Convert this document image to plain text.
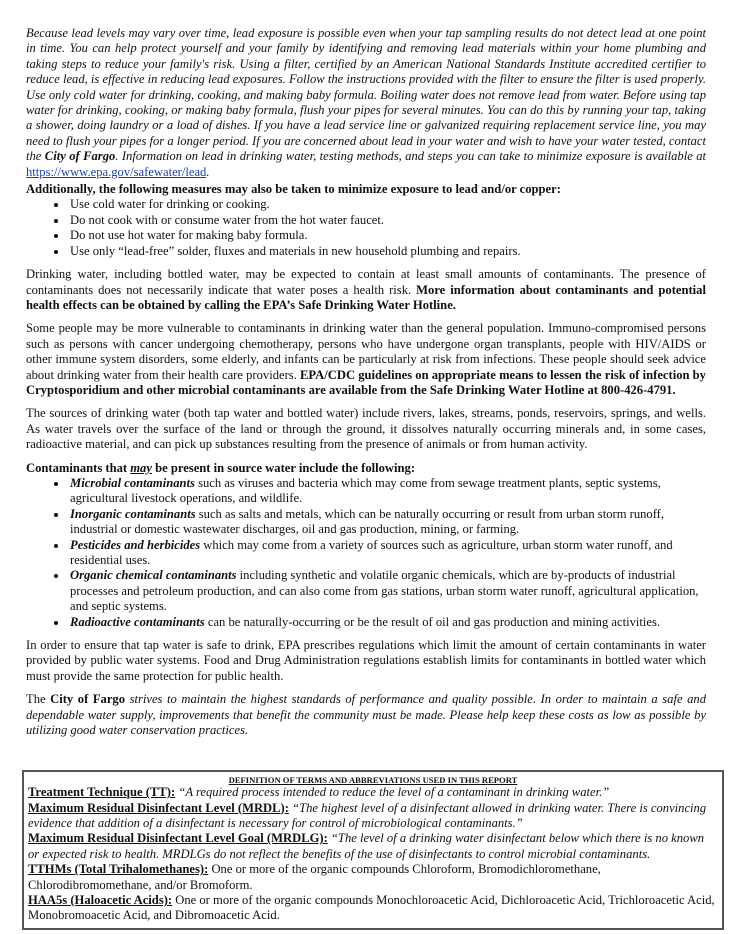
Because lead levels may vary over time, lead exposure is possible even when your tap sampling results do not detect lead at one point in time. You can help protect yourself and your family by identifying and removing lead materials within your home plumbing and taking steps to reduce your family's risk. Using a filter, certified by an American National Standards Institute accredited certifier to reduce lead, is effective in reducing lead exposures. Follow the instructions provided with the filter to ensure the filter is used properly. Use only cold water for drinking, cooking, and making baby formula. Boiling water does not remove lead from water. Before using tap water for drinking, cooking, or making baby formula, flush your pipes for several minutes. You can do this by running your tap, taking a shower, doing laundry or a load of dishes. If you have a lead service line or galvanized requiring replacement service line, you may need to flush your pipes for a longer period. If you are concerned about lead in your water and wish to have your water tested, contact the City of Fargo. Information on lead in drinking water, testing methods, and steps you can take to minimize exposure is available at https://www.epa.gov/safewater/lead.

Additionally, the following measures may also be taken to minimize exposure to lead and/or copper:

• Use cold water for drinking or cooking.
• Do not cook with or consume water from the hot water faucet.
• Do not use hot water for making baby formula.
• Use only “lead-free” solder, fluxes and materials in new household plumbing and repairs.

Drinking water, including bottled water, may be expected to contain at least small amounts of contaminants. The presence of contaminants does not necessarily indicate that water poses a health risk. More information about contaminants and potential health effects can be obtained by calling the EPA’s Safe Drinking Water Hotline.

Some people may be more vulnerable to contaminants in drinking water than the general population. Immuno-compromised persons such as persons with cancer undergoing chemotherapy, persons who have undergone organ transplants, people with HIV/AIDS or other immune system disorders, some elderly, and infants can be particularly at risk from infections. These people should seek advice about drinking water from their health care providers. EPA/CDC guidelines on appropriate means to lessen the risk of infection by Cryptosporidium and other microbial contaminants are available from the Safe Drinking Water Hotline at 800-426-4791.

The sources of drinking water (both tap water and bottled water) include rivers, lakes, streams, ponds, reservoirs, springs, and wells. As water travels over the surface of the land or through the ground, it dissolves naturally occurring minerals and, in some cases, radioactive material, and can pick up substances resulting from the presence of animals or from human activity.

Contaminants that may be present in source water include the following:

• Microbial contaminants such as viruses and bacteria which may come from sewage treatment plants, septic systems, agricultural livestock operations, and wildlife.
• Inorganic contaminants such as salts and metals, which can be naturally occurring or result from urban storm runoff, industrial or domestic wastewater discharges, oil and gas production, mining, or farming.
• Pesticides and herbicides which may come from a variety of sources such as agriculture, urban storm water runoff, and residential uses.
• Organic chemical contaminants including synthetic and volatile organic chemicals, which are by-products of industrial processes and petroleum production, and can also come from gas stations, urban storm water runoff, agricultural application, and septic systems.
• Radioactive contaminants can be naturally-occurring or be the result of oil and gas production and mining activities.

In order to ensure that tap water is safe to drink, EPA prescribes regulations which limit the amount of certain contaminants in water provided by public water systems. Food and Drug Administration regulations establish limits for contaminants in bottled water which must provide the same protection for public health.

The City of Fargo strives to maintain the highest standards of performance and quality possible. In order to maintain a safe and dependable water supply, improvements that benefit the community must be made. Please help keep these costs as low as possible by utilizing good water conservation practices.

DEFINITION OF TERMS AND ABBREVIATIONS USED IN THIS REPORT

Treatment Technique (TT): “A required process intended to reduce the level of a contaminant in drinking water.”

Maximum Residual Disinfectant Level (MRDL): “The highest level of a disinfectant allowed in drinking water. There is convincing evidence that addition of a disinfectant is necessary for control of microbiological contaminants.”

Maximum Residual Disinfectant Level Goal (MRDLG): “The level of a drinking water disinfectant below which there is no known or expected risk to health. MRDLGs do not reflect the benefits of the use of disinfectants to control microbial contaminants.

TTHMs (Total Trihalomethanes): One or more of the organic compounds Chloroform, Bromodichloromethane, Chlorodibromomethane, and/or Bromoform.

HAA5s (Haloacetic Acids): One or more of the organic compounds Monochloroacetic Acid, Dichloroacetic Acid, Trichloroacetic Acid, Monobromoacetic Acid, and Dibromoacetic Acid.
